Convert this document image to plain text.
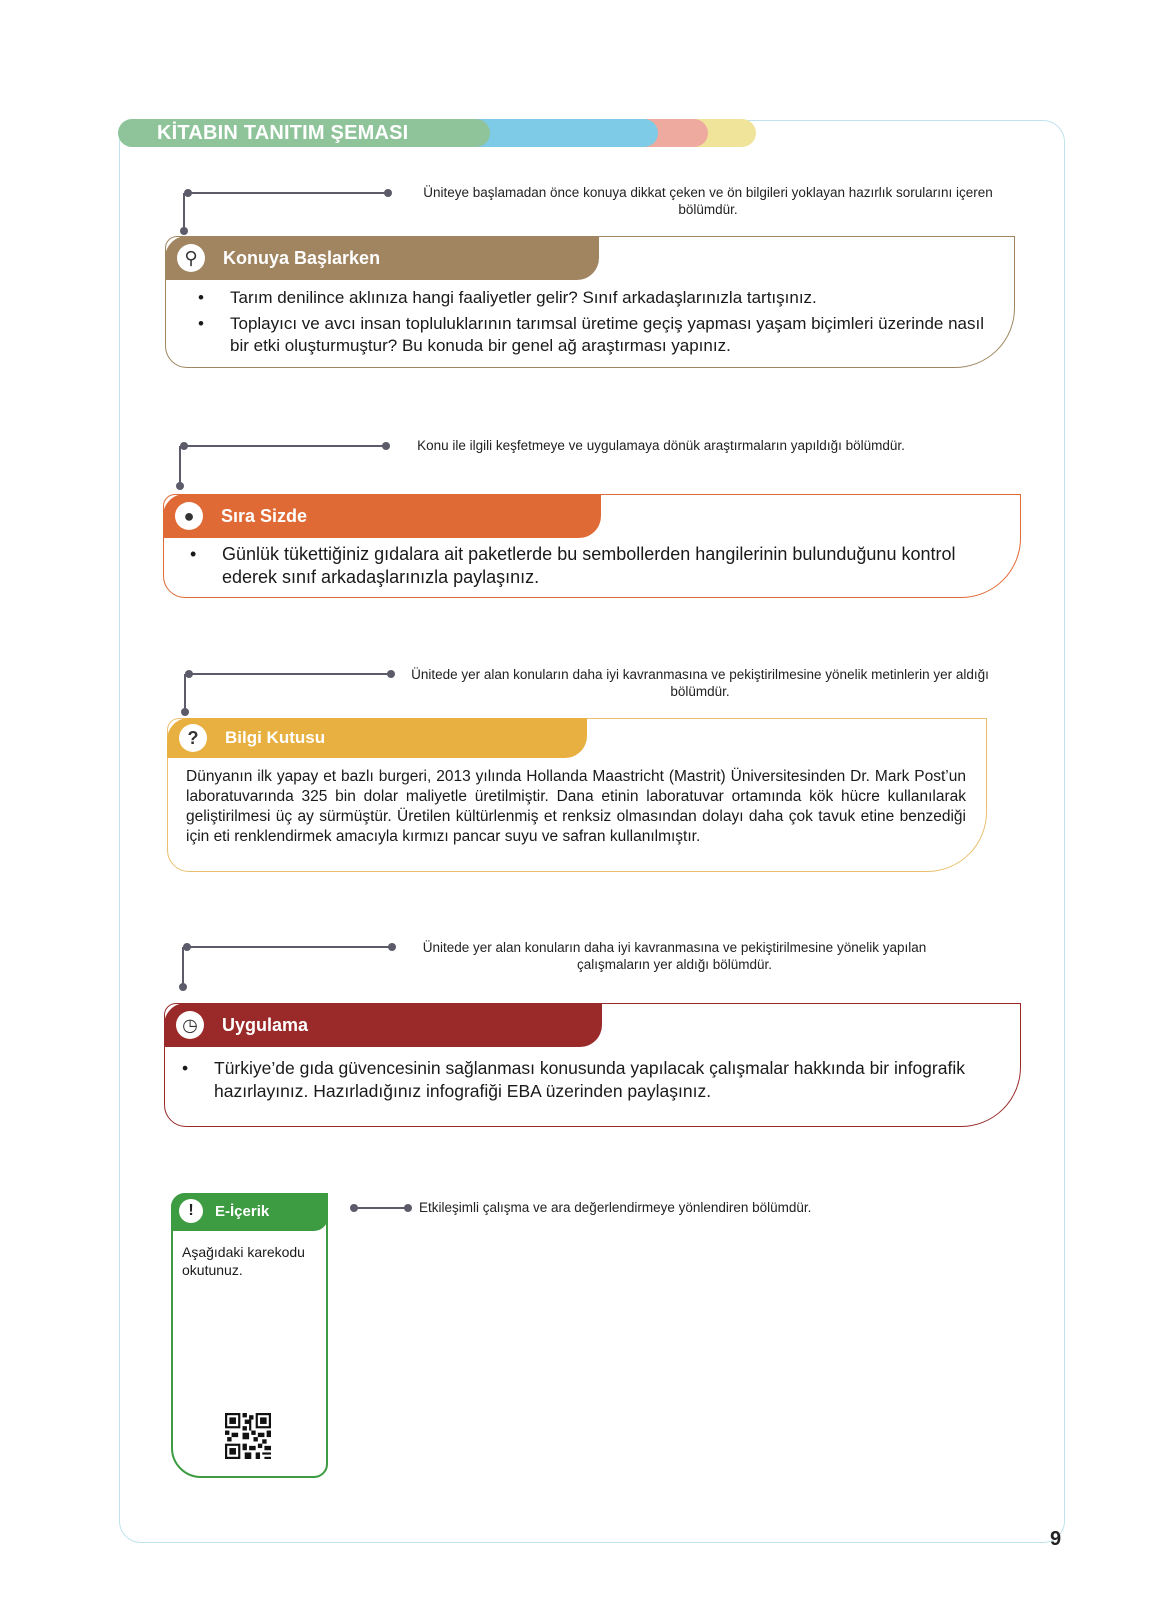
KİTABIN TANITIM ŞEMASI
Üniteye başlamadan önce konuya dikkat çeken ve ön bilgileri yoklayan hazırlık sorularını içeren bölümdür.
⚲	Konuya Başlarken
• Tarım denilince aklınıza hangi faaliyetler gelir? Sınıf arkadaşlarınızla tartışınız.
• Toplayıcı ve avcı insan topluluklarının tarımsal üretime geçiş yapması yaşam biçimleri üzerinde nasıl bir etki oluşturmuştur? Bu konuda bir genel ağ araştırması yapınız.
Konu ile ilgili keşfetmeye ve uygulamaya dönük araştırmaların yapıldığı bölümdür.
●	Sıra Sizde
• Günlük tükettiğiniz gıdalara ait paketlerde bu sembollerden hangilerinin bulunduğunu kontrol ederek sınıf arkadaşlarınızla paylaşınız.
Ünitede yer alan konuların daha iyi kavranmasına ve pekiştirilmesine yönelik metinlerin yer aldığı bölümdür.
?	Bilgi Kutusu
Dünyanın ilk yapay et bazlı burgeri, 2013 yılında Hollanda Maastricht (Mastrit) Üniversitesinden Dr. Mark Post’un laboratuvarında 325 bin dolar maliyetle üretilmiştir. Dana etinin laboratuvar ortamında kök hücre kullanılarak geliştirilmesi üç ay sürmüştür. Üretilen kültürlenmiş et renksiz olmasından dolayı daha çok tavuk etine benzediği için eti renklendirmek amacıyla kırmızı pancar suyu ve safran kullanılmıştır.
Ünitede yer alan konuların daha iyi kavranmasına ve pekiştirilmesine yönelik yapılan çalışmaların yer aldığı bölümdür.
◷	Uygulama
• Türkiye’de gıda güvencesinin sağlanması konusunda yapılacak çalışmalar hakkında bir infografik hazırlayınız. Hazırladığınız infografiği EBA üzerinden paylaşınız.
!	E-İçerik
Aşağıdaki karekodu okutunuz.
Etkileşimli çalışma ve ara değerlendirmeye yönlendiren bölümdür.
9
